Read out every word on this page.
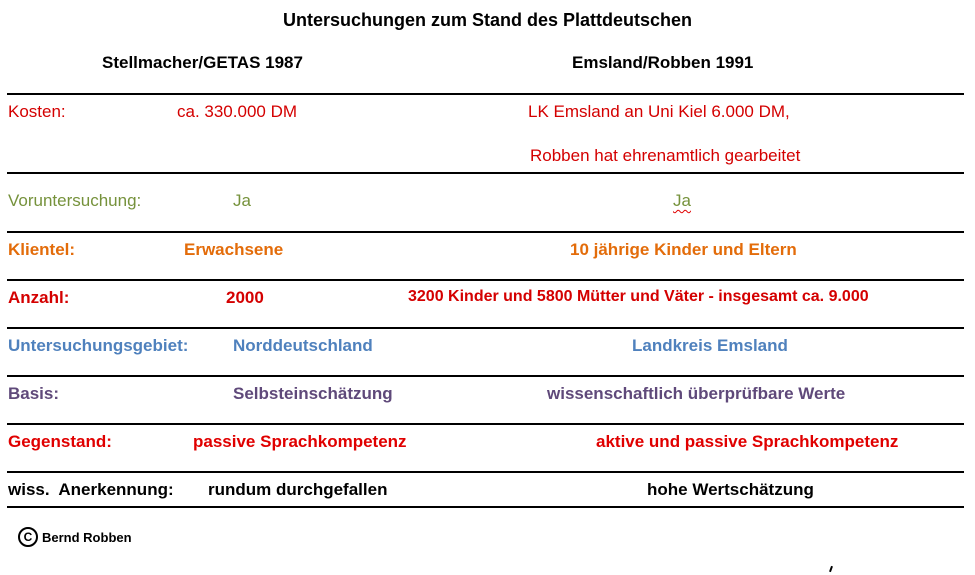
Untersuchungen zum Stand des Plattdeutschen
Stellmacher/GETAS 1987	Emsland/Robben 1991
Kosten:	ca. 330.000 DM	LK Emsland an Uni Kiel 6.000 DM,
Robben hat ehrenamtlich gearbeitet
Voruntersuchung:	Ja	Ja
Klientel:	Erwachsene	10 jährige Kinder und Eltern
Anzahl:	2000	3200 Kinder und 5800 Mütter und Väter - insgesamt ca. 9.000
Untersuchungsgebiet:	Norddeutschland	Landkreis Emsland
Basis:	Selbsteinschätzung	wissenschaftlich überprüfbare Werte
Gegenstand:	passive Sprachkompetenz	aktive und passive Sprachkompetenz
wiss.  Anerkennung: rundum durchgefallen	hohe Wertschätzung
C Bernd Robben
